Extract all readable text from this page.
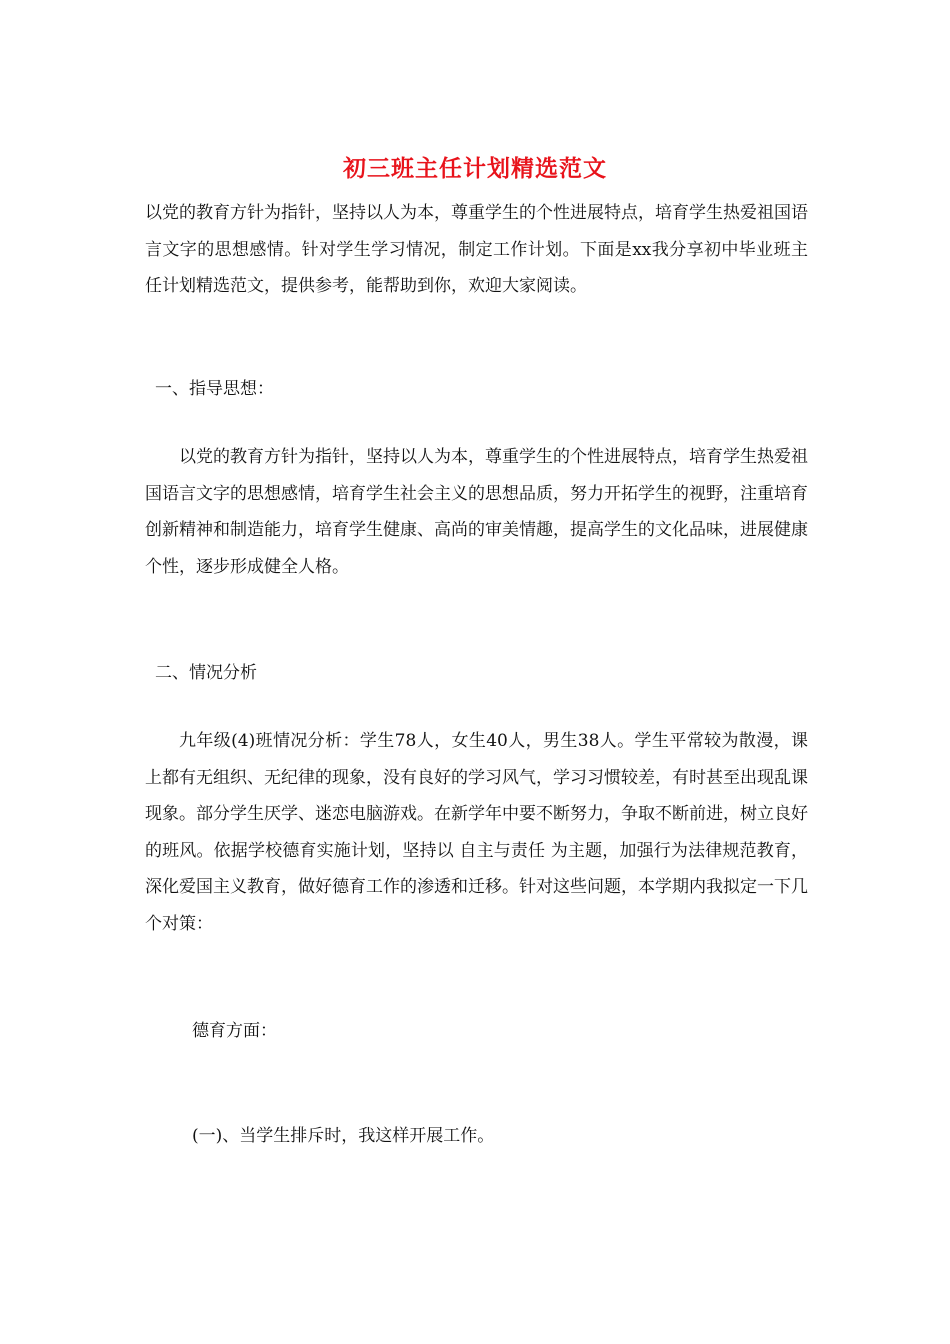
初三班主任计划精选范文

以党的教育方针为指针，坚持以人为本，尊重学生的个性进展特点，培育学生热爱祖国语言文字的思想感情。针对学生学习情况，制定工作计划。下面是xx我分享初中毕业班主任计划精选范文，提供参考，能帮助到你，欢迎大家阅读。

一、指导思想：

以党的教育方针为指针，坚持以人为本，尊重学生的个性进展特点，培育学生热爱祖国语言文字的思想感情，培育学生社会主义的思想品质，努力开拓学生的视野，注重培育创新精神和制造能力，培育学生健康、高尚的审美情趣，提高学生的文化品味，进展健康个性，逐步形成健全人格。

二、情况分析

九年级(4)班情况分析：学生78人，女生40人，男生38人。学生平常较为散漫，课上都有无组织、无纪律的现象，没有良好的学习风气，学习习惯较差，有时甚至出现乱课现象。部分学生厌学、迷恋电脑游戏。在新学年中要不断努力，争取不断前进，树立良好的班风。依据学校德育实施计划，坚持以 自主与责任 为主题，加强行为法律规范教育，深化爱国主义教育，做好德育工作的渗透和迁移。针对这些问题，本学期内我拟定一下几个对策：

德育方面：

(一)、当学生排斥时，我这样开展工作。
